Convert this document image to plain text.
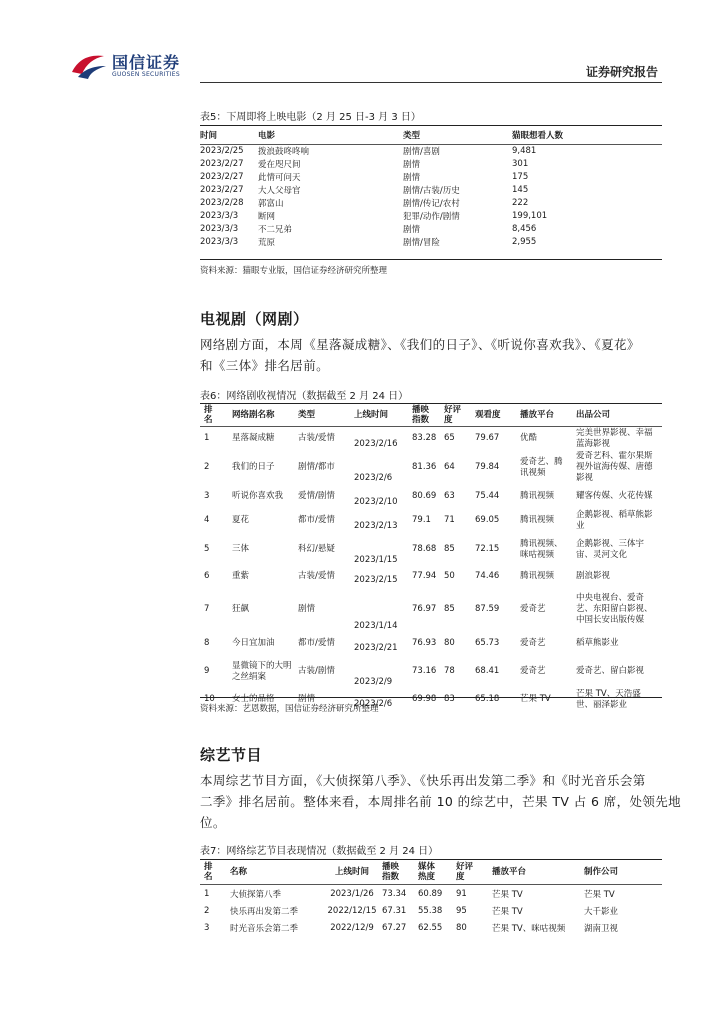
国信证券
GUOSEN SECURITIES	证券研究报告
表5：下周即将上映电影（2 月 25 日-3 月 3 日）
时间	电影	类型	猫眼想看人数
2023/2/25	拨浪鼓咚咚响	剧情/喜剧	9,481
2023/2/27	爱在咫尺间	剧情	301
2023/2/27	此情可问天	剧情	175
2023/2/27	大人父母官	剧情/古装/历史	145
2023/2/28	郭富山	剧情/传记/农村	222
2023/3/3	断网	犯罪/动作/剧情	199,101
2023/3/3	不二兄弟	剧情	8,456
2023/3/3	荒原	剧情/冒险	2,955
资料来源：猫眼专业版，国信证券经济研究所整理
电视剧（网剧）
网络剧方面，本周《星落凝成糖》、《我们的日子》、《听说你喜欢我》、《夏花》
和《三体》排名居前。
表6：网络剧收视情况（数据截至 2 月 24 日）
排名	网络剧名称	类型	上线时间	播映指数	好评度	观看度	播放平台	出品公司
1	星落凝成糖	古装/爱情	2023/2/16	83.28	65	79.67	优酷	完美世界影视、幸福蓝海影视
2	我们的日子	剧情/都市	2023/2/6	81.36	64	79.84	爱奇艺、腾讯视频	爱奇艺科、霍尔果斯视外谊海传媒、唐德影视
3	听说你喜欢我	爱情/剧情	2023/2/10	80.69	63	75.44	腾讯视频	耀客传媒、火花传媒
4	夏花	都市/爱情	2023/2/13	79.1	71	69.05	腾讯视频	企鹅影视、稻草熊影业
5	三体	科幻/悬疑	2023/1/15	78.68	85	72.15	腾讯视频、咪咕视频	企鹅影视、三体宇宙、灵河文化
6	重紫	古装/爱情	2023/2/15	77.94	50	74.46	腾讯视频	剧浪影视
7	狂飙	剧情	2023/1/14	76.97	85	87.59	爱奇艺	中央电视台、爱奇艺、东阳留白影视、中国长安出版传媒
8	今日宜加油	都市/爱情	2023/2/21	76.93	80	65.73	爱奇艺	稻草熊影业
9	显微镜下的大明之丝绢案	古装/剧情	2023/2/9	73.16	78	68.41	爱奇艺	爱奇艺、留白影视
10	女士的品格	剧情	2023/2/6	69.98	83	65.18	芒果 TV	芒果 TV、天浩盛世、丽泽影业
资料来源：艺恩数据，国信证券经济研究所整理
综艺节目
本周综艺节目方面，《大侦探第八季》、《快乐再出发第二季》和《时光音乐会第
二季》排名居前。整体来看，本周排名前 10 的综艺中，芒果 TV 占 6 席，处领先地
位。
表7：网络综艺节目表现情况（数据截至 2 月 24 日）
排名	名称	上线时间	播映指数	媒体热度	好评度	播放平台	制作公司
1	大侦探第八季	2023/1/26	73.34	60.89	91	芒果 TV	芒果 TV
2	快乐再出发第二季	2022/12/15	67.31	55.38	95	芒果 TV	大千影业
3	时光音乐会第二季	2022/12/9	67.27	62.55	80	芒果 TV、咪咕视频	湖南卫视
